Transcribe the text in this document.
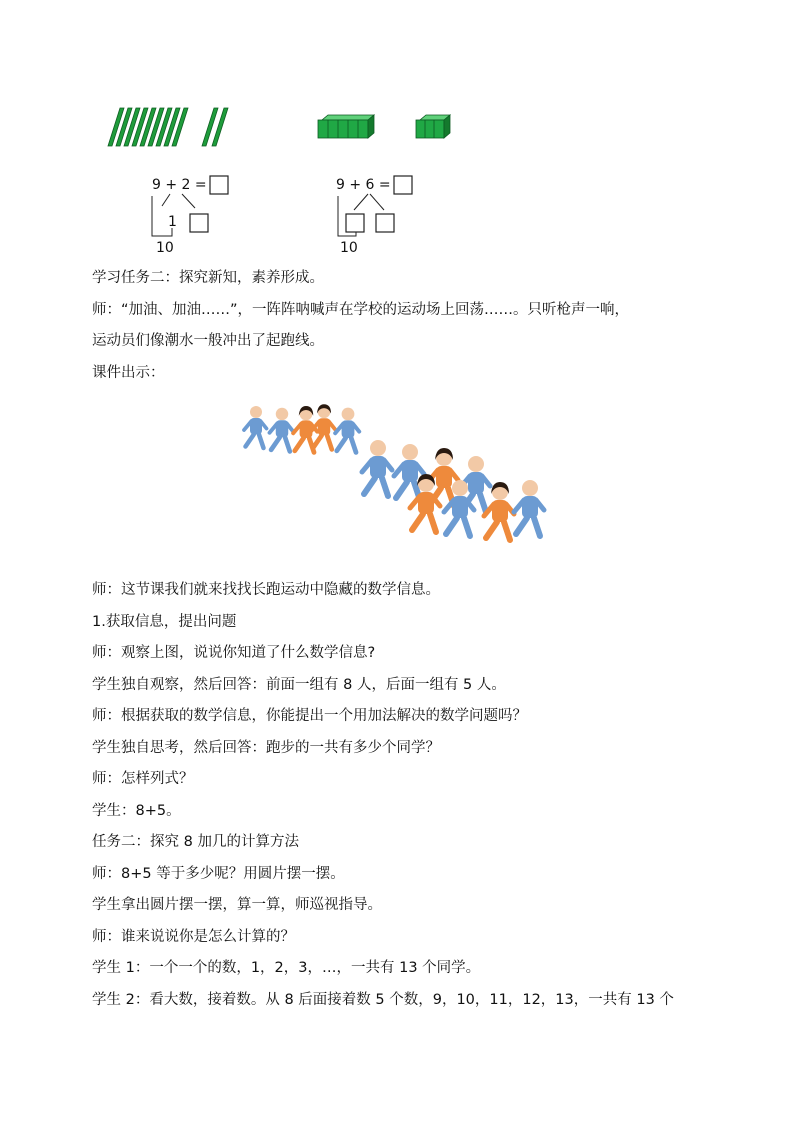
9 + 2 =
1
10
9 + 6 =
10
学习任务二：探究新知，素养形成。
师：“加油、加油……”，一阵阵呐喊声在学校的运动场上回荡……。只听枪声一响，
运动员们像潮水一般冲出了起跑线。
课件出示：
师：这节课我们就来找找长跑运动中隐藏的数学信息。
1.获取信息，提出问题
师：观察上图，说说你知道了什么数学信息?
学生独自观察，然后回答：前面一组有 8 人，后面一组有 5 人。
师：根据获取的数学信息，你能提出一个用加法解决的数学问题吗？
学生独自思考，然后回答：跑步的一共有多少个同学？
师：怎样列式？
学生：8+5。
任务二：探究 8 加几的计算方法
师：8+5 等于多少呢？用圆片摆一摆。
学生拿出圆片摆一摆，算一算，师巡视指导。
师：谁来说说你是怎么计算的？
学生 1：一个一个的数，1，2，3，…，一共有 13 个同学。
学生 2：看大数，接着数。从 8 后面接着数 5 个数，9，10，11，12，13，一共有 13 个
